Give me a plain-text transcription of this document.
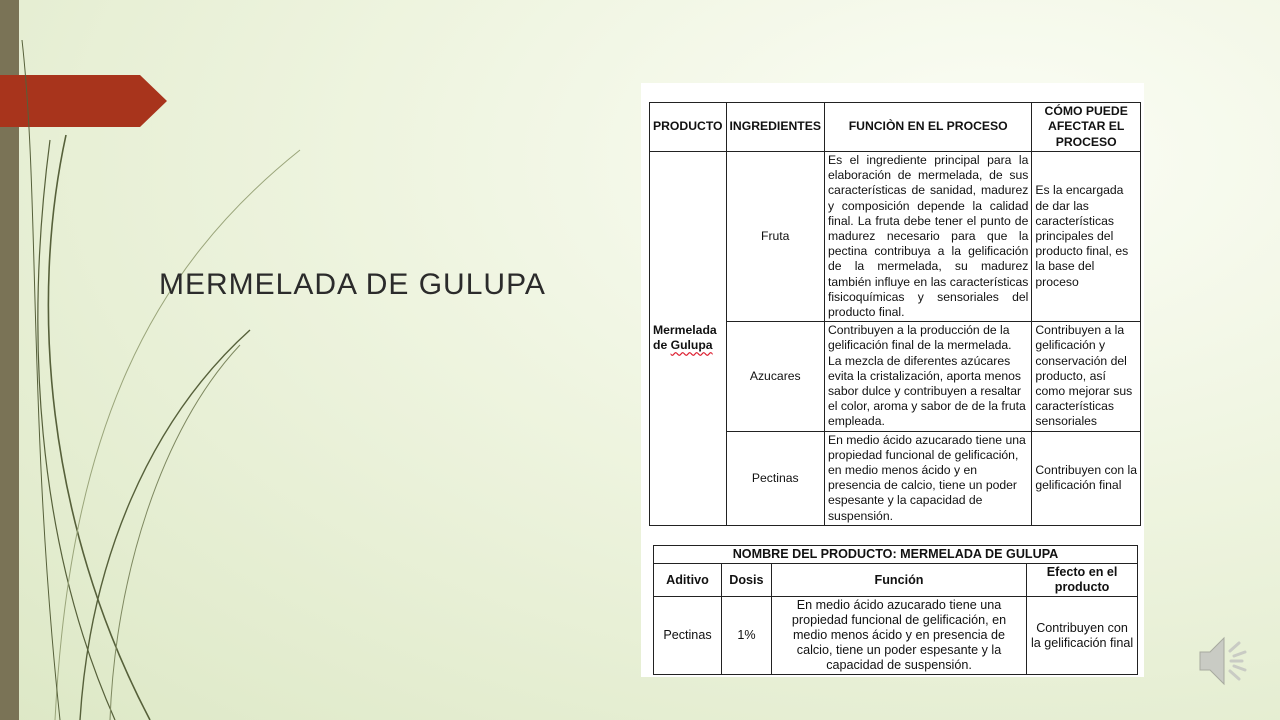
MERMELADA DE GULUPA
PRODUCTO	INGREDIENTES	FUNCIÒN EN EL PROCESO	CÓMO PUEDE AFECTAR EL PROCESO
Mermelada
de Gulupa	Fruta	Es el ingrediente principal para la elaboración de mermelada, de sus características de sanidad, madurez y composición depende la calidad final. La fruta debe tener el punto de madurez necesario para que la pectina contribuya a la gelificación de la mermelada, su madurez también influye en las características fisicoquímicas y sensoriales del producto final.	Es la encargada de dar las características principales del producto final, es la base del proceso
	Azucares	Contribuyen a la producción de la gelificación final de la mermelada. La mezcla de diferentes azúcares evita la cristalización, aporta menos sabor dulce y contribuyen a resaltar el color, aroma y sabor de de la fruta empleada.	Contribuyen a la gelificación y conservación del producto, así como mejorar sus características sensoriales
	Pectinas	En medio ácido azucarado tiene una propiedad funcional de gelificación, en medio menos ácido y en presencia de calcio, tiene un poder espesante y la capacidad de suspensión.	Contribuyen con la gelificación final
NOMBRE DEL PRODUCTO: MERMELADA DE GULUPA			
Aditivo	Dosis	Función	Efecto en el producto
Pectinas	1%	En medio ácido azucarado tiene una propiedad funcional de gelificación, en medio menos ácido y en presencia de calcio, tiene un poder espesante y la capacidad de suspensión.	Contribuyen con la gelificación final
